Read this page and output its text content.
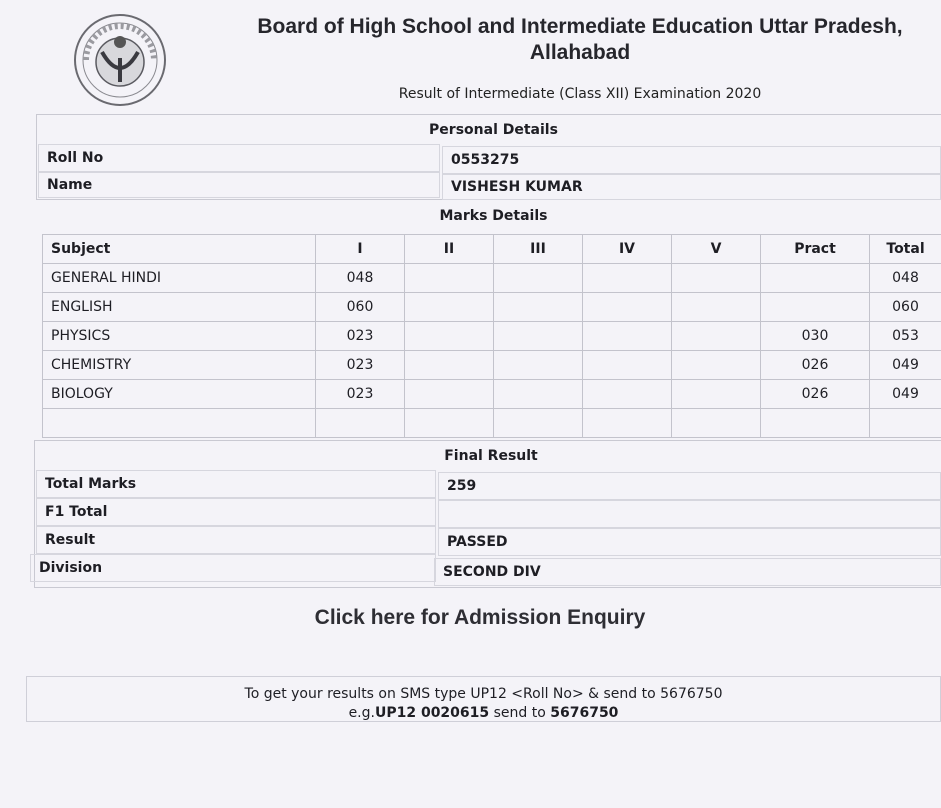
Board of High School and Intermediate Education Uttar Pradesh, Allahabad
Result of Intermediate (Class XII) Examination 2020
Personal Details
Roll No	0553275
Name	VISHESH KUMAR
Marks Details
Subject	I	II	III	IV	V	Pract	Total
GENERAL HINDI	048						048
ENGLISH	060						060
PHYSICS	023					030	053
CHEMISTRY	023					026	049
BIOLOGY	023					026	049

Final Result
Total Marks	259
F1 Total
Result	PASSED
Division	SECOND DIV
Click here for Admission Enquiry
To get your results on SMS type UP12 <Roll No> & send to 5676750
e.g.UP12 0020615 send to 5676750
